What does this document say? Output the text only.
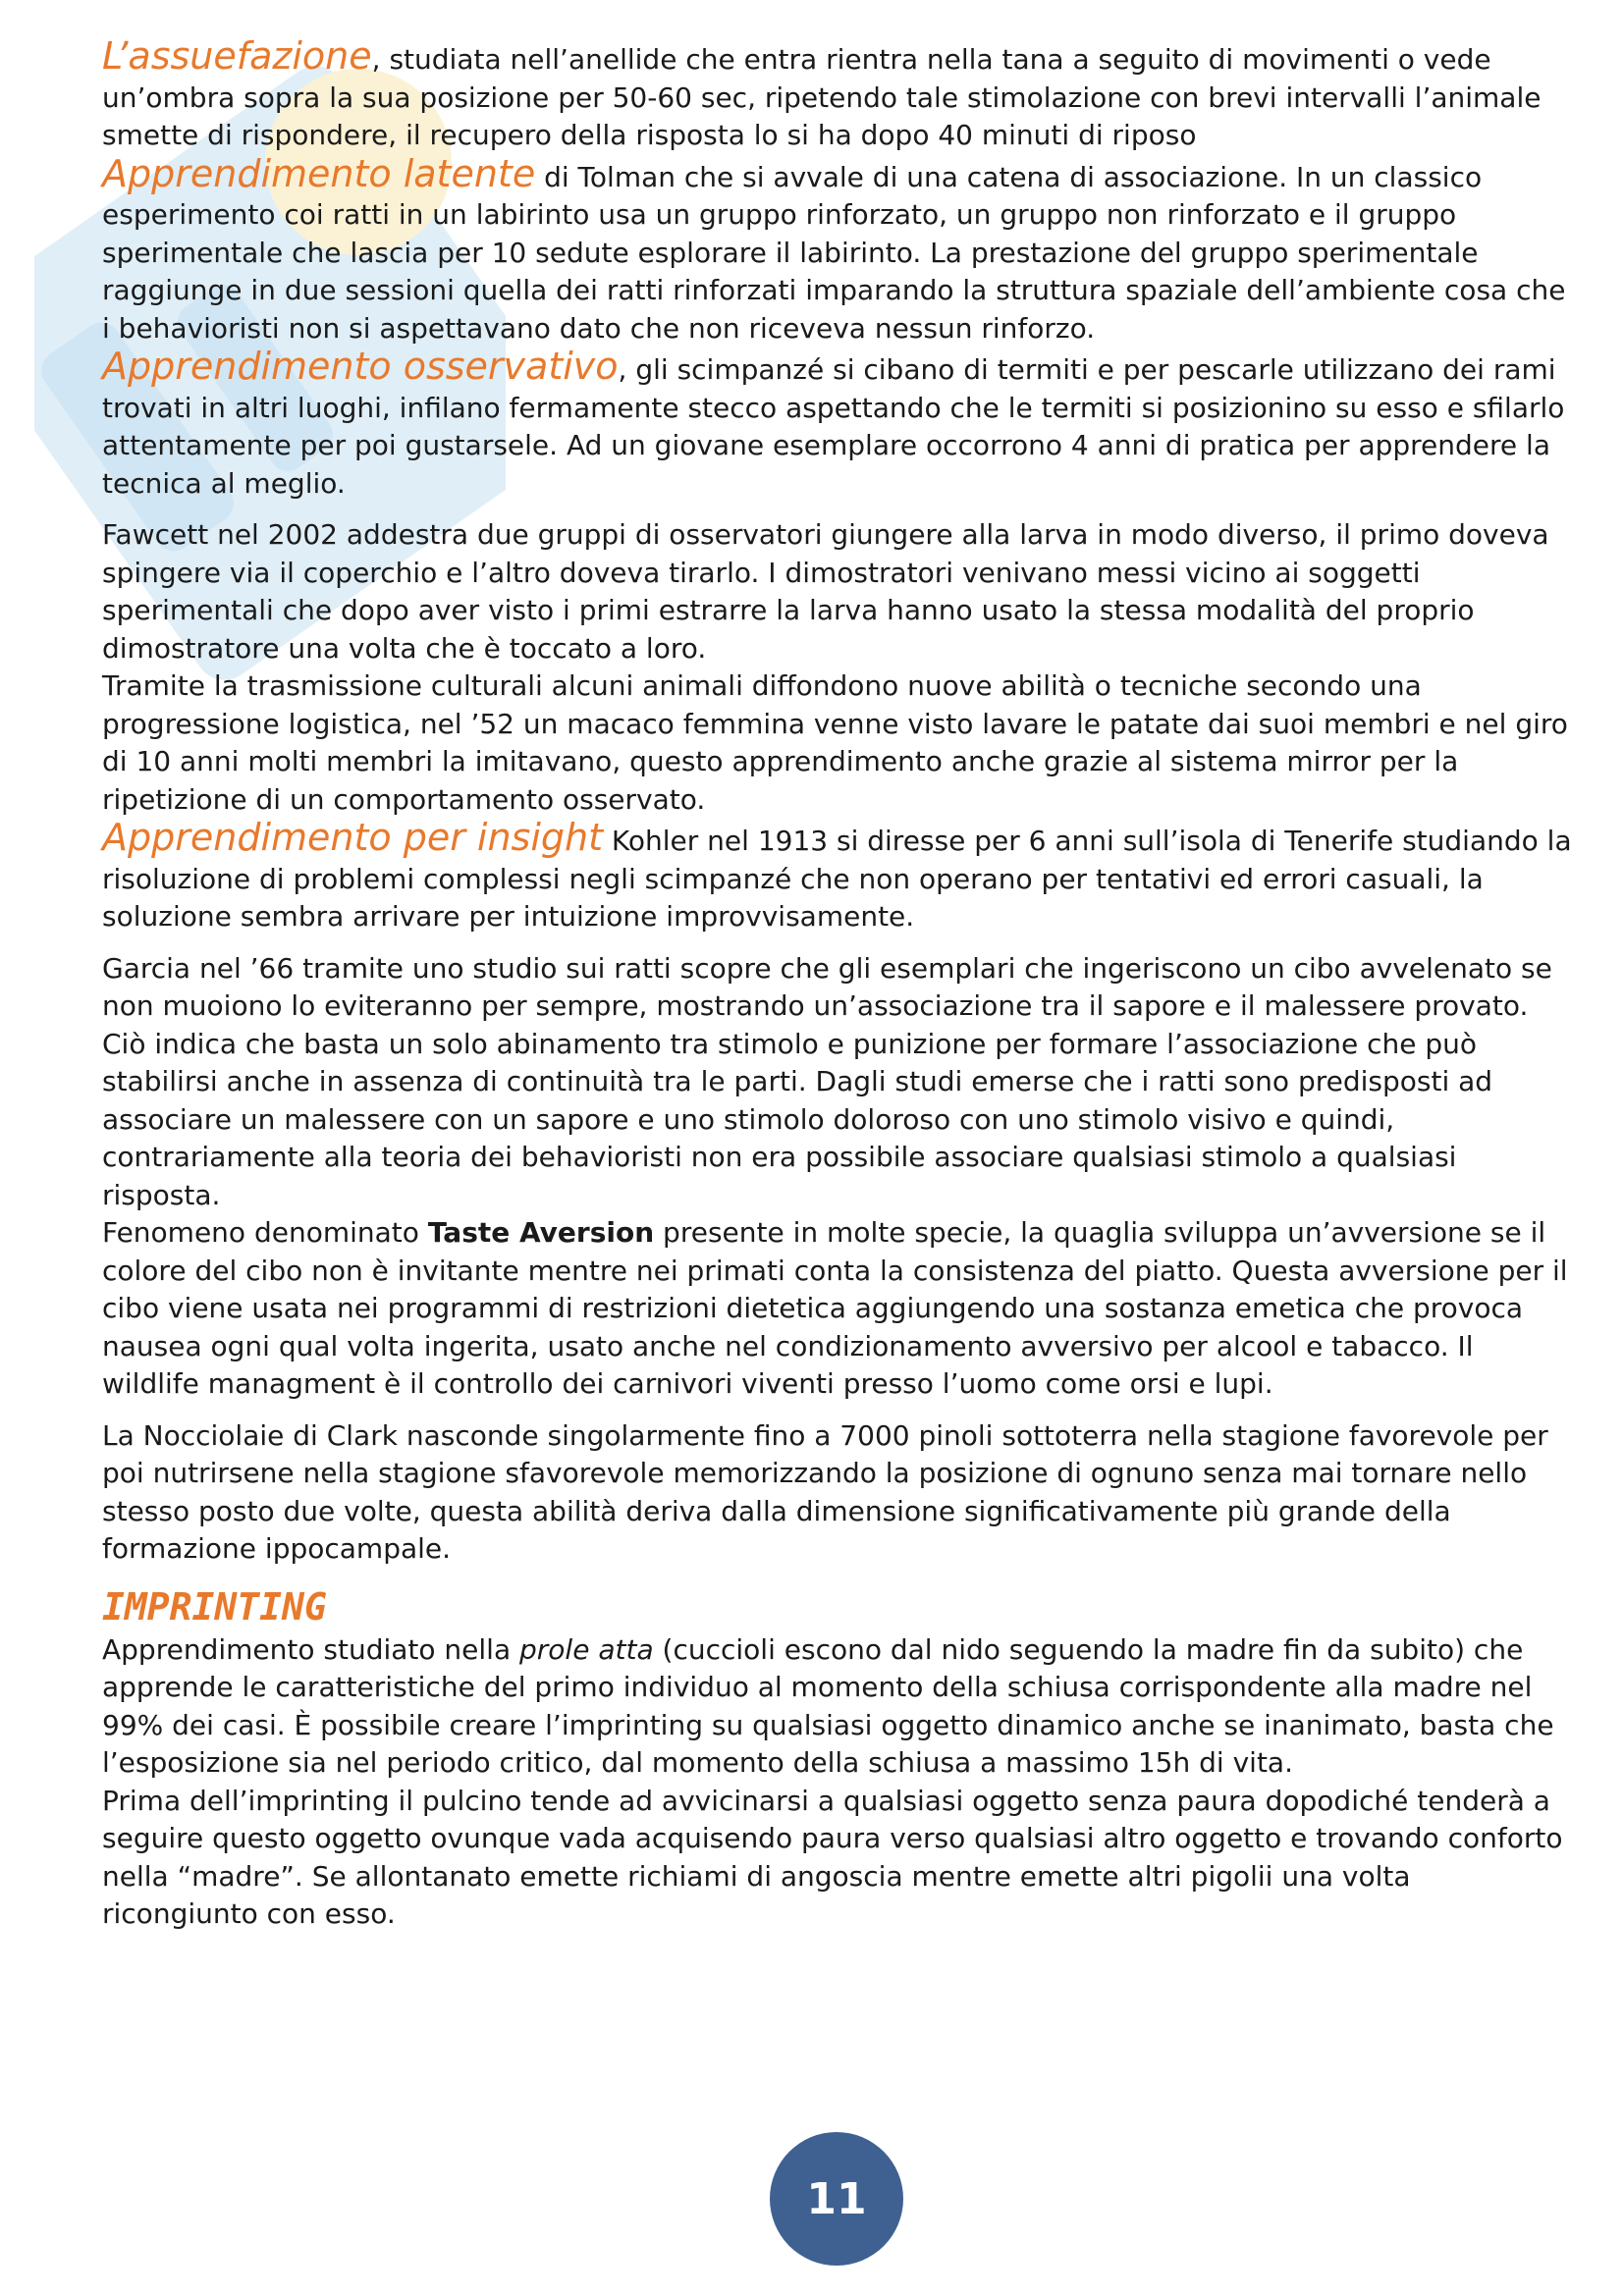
L’assuefazione, studiata nell’anellide che entra rientra nella tana a seguito di movimenti o vede un’ombra sopra la sua posizione per 50-60 sec, ripetendo tale stimolazione con brevi intervalli l’animale smette di rispondere, il recupero della risposta lo si ha dopo 40 minuti di riposo

Apprendimento latente di Tolman che si avvale di una catena di associazione. In un classico esperimento coi ratti in un labirinto usa un gruppo rinforzato, un gruppo non rinforzato e il gruppo sperimentale che lascia per 10 sedute esplorare il labirinto. La prestazione del gruppo sperimentale raggiunge in due sessioni quella dei ratti rinforzati imparando la struttura spaziale dell’ambiente cosa che i behavioristi non si aspettavano dato che non riceveva nessun rinforzo.

Apprendimento osservativo, gli scimpanzé si cibano di termiti e per pescarle utilizzano dei rami trovati in altri luoghi, infilano fermamente stecco aspettando che le termiti si posizionino su esso e sfilarlo attentamente per poi gustarsele. Ad un giovane esemplare occorrono 4 anni di pratica per apprendere la tecnica al meglio.

Fawcett nel 2002 addestra due gruppi di osservatori giungere alla larva in modo diverso, il primo doveva spingere via il coperchio e l’altro doveva tirarlo. I dimostratori venivano messi vicino ai soggetti sperimentali che dopo aver visto i primi estrarre la larva hanno usato la stessa modalità del proprio dimostratore una volta che è toccato a loro.

Tramite la trasmissione culturali alcuni animali diffondono nuove abilità o tecniche secondo una progressione logistica, nel ’52 un macaco femmina venne visto lavare le patate dai suoi membri e nel giro di 10 anni molti membri la imitavano, questo apprendimento anche grazie al sistema mirror per la ripetizione di un comportamento osservato.

Apprendimento per insight Kohler nel 1913 si diresse per 6 anni sull’isola di Tenerife studiando la risoluzione di problemi complessi negli scimpanzé che non operano per tentativi ed errori casuali, la soluzione sembra arrivare per intuizione improvvisamente.

Garcia nel ’66 tramite uno studio sui ratti scopre che gli esemplari che ingeriscono un cibo avvelenato se non muoiono lo eviteranno per sempre, mostrando un’associazione tra il sapore e il malessere provato. Ciò indica che basta un solo abinamento tra stimolo e punizione per formare l’associazione che può stabilirsi anche in assenza di continuità tra le parti. Dagli studi emerse che i ratti sono predisposti ad associare un malessere con un sapore e uno stimolo doloroso con uno stimolo visivo e quindi, contrariamente alla teoria dei behavioristi non era possibile associare qualsiasi stimolo a qualsiasi risposta.

Fenomeno denominato Taste Aversion presente in molte specie, la quaglia sviluppa un’avversione se il colore del cibo non è invitante mentre nei primati conta la consistenza del piatto. Questa avversione per il cibo viene usata nei programmi di restrizioni dietetica aggiungendo una sostanza emetica che provoca nausea ogni qual volta ingerita, usato anche nel condizionamento avversivo per alcool e tabacco. Il wildlife managment è il controllo dei carnivori viventi presso l’uomo come orsi e lupi.

La Nocciolaie di Clark nasconde singolarmente fino a 7000 pinoli sottoterra nella stagione favorevole per poi nutrirsene nella stagione sfavorevole memorizzando la posizione di ognuno senza mai tornare nello stesso posto due volte, questa abilità deriva dalla dimensione significativamente più grande della formazione ippocampale.

IMPRINTING

Apprendimento studiato nella prole atta (cuccioli escono dal nido seguendo la madre fin da subito) che apprende le caratteristiche del primo individuo al momento della schiusa corrispondente alla madre nel 99% dei casi. È possibile creare l’imprinting su qualsiasi oggetto dinamico anche se inanimato, basta che l’esposizione sia nel periodo critico, dal momento della schiusa a massimo 15h di vita.

Prima dell’imprinting il pulcino tende ad avvicinarsi a qualsiasi oggetto senza paura dopodiché tenderà a seguire questo oggetto ovunque vada acquisendo paura verso qualsiasi altro oggetto e trovando conforto nella “madre”. Se allontanato emette richiami di angoscia mentre emette altri pigolii una volta ricongiunto con esso.

11
